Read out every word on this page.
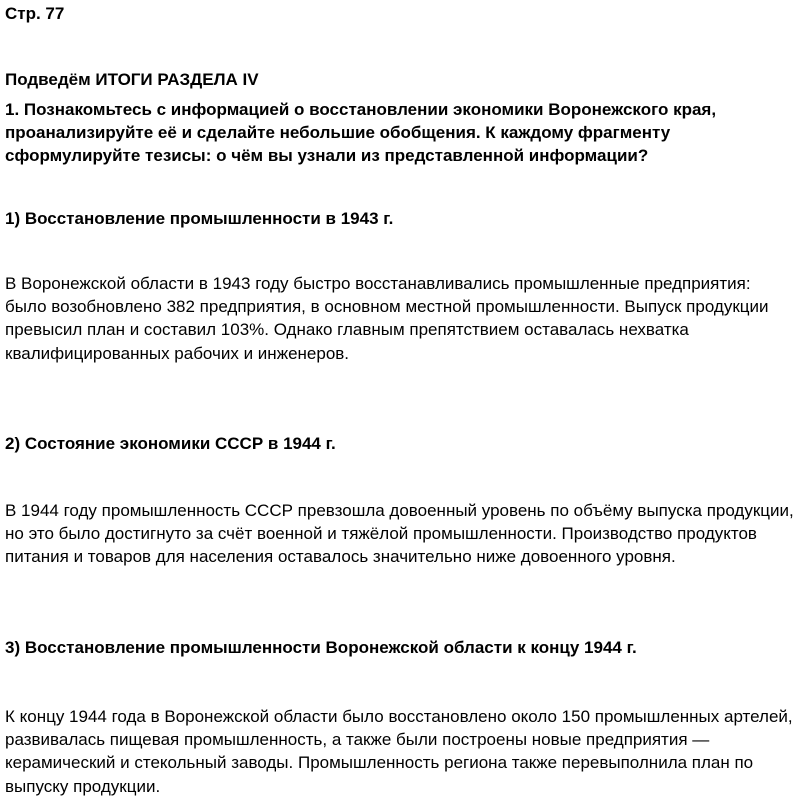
Стр. 77

Подведём ИТОГИ РАЗДЕЛА IV

1. Познакомьтесь с информацией о восстановлении экономики Воронежского края, проанализируйте её и сделайте небольшие обобщения. К каждому фрагменту сформулируйте тезисы: о чём вы узнали из представленной информации?

1) Восстановление промышленности в 1943 г.

В Воронежской области в 1943 году быстро восстанавливались промышленные предприятия: было возобновлено 382 предприятия, в основном местной промышленности. Выпуск продукции превысил план и составил 103%. Однако главным препятствием оставалась нехватка квалифицированных рабочих и инженеров.

2) Состояние экономики СССР в 1944 г.

В 1944 году промышленность СССР превзошла довоенный уровень по объёму выпуска продукции, но это было достигнуто за счёт военной и тяжёлой промышленности. Производство продуктов питания и товаров для населения оставалось значительно ниже довоенного уровня.

3) Восстановление промышленности Воронежской области к концу 1944 г.

К концу 1944 года в Воронежской области было восстановлено около 150 промышленных артелей, развивалась пищевая промышленность, а также были построены новые предприятия — керамический и стекольный заводы. Промышленность региона также перевыполнила план по выпуску продукции.
